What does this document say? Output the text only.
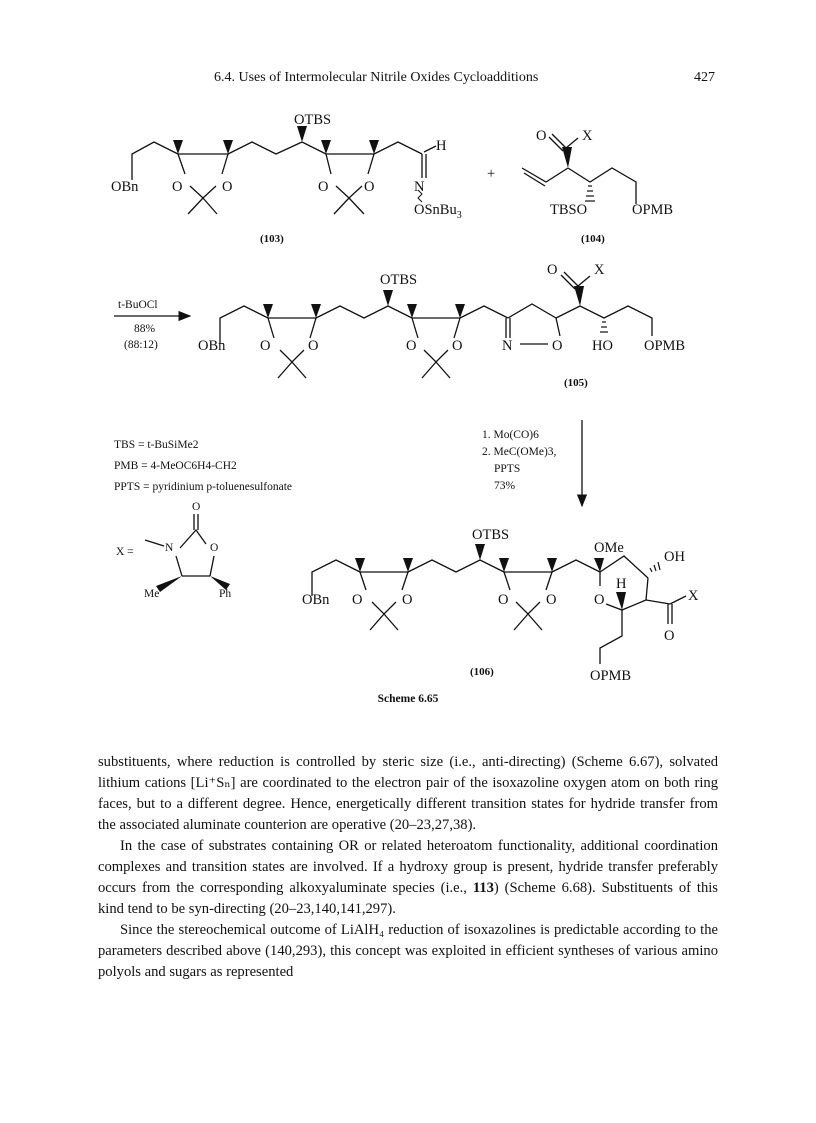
6.4. Uses of Intermolecular Nitrile Oxides Cycloadditions	427
OTBS
OBn O	O	O O
H
N
OSnBu$_3$
O X
TBSO	OPMB
OTBS
O	X
OBn O	O	O O	N	O HO OPMB
OTBS
OMe
OH
H
OBn O	O	O	O	O	X
O
OPMB
O
N	O
Me	Ph
(103)	(104)
(105)
(106)
+
t-BuOCl
88%
(88:12)
1. Mo(CO)6
2. MeC(OMe)3,
PPTS
73%
TBS = t-BuSiMe2
PMB = 4-MeOC6H4-CH2
PPTS = pyridinium p-toluenesulfonate
X =
Scheme 6.65

substituents, where reduction is controlled by steric size (i.e., anti-directing) (Scheme 6.67), solvated lithium cations [Li⁺Sₙ] are coordinated to the electron pair of the isoxazoline oxygen atom on both ring faces, but to a different degree. Hence, energetically different transition states for hydride transfer from the associated aluminate counterion are operative (20–23,27,38).

In the case of substrates containing OR or related heteroatom functionality, additional coordination complexes and transition states are involved. If a hydroxy group is present, hydride transfer preferably occurs from the corresponding alkoxyaluminate species (i.e., 113) (Scheme 6.68). Substituents of this kind tend to be syn-directing (20–23,140,141,297).

Since the stereochemical outcome of LiAlH₄ reduction of isoxazolines is predictable according to the parameters described above (140,293), this concept was exploited in efficient syntheses of various amino polyols and sugars as represented
